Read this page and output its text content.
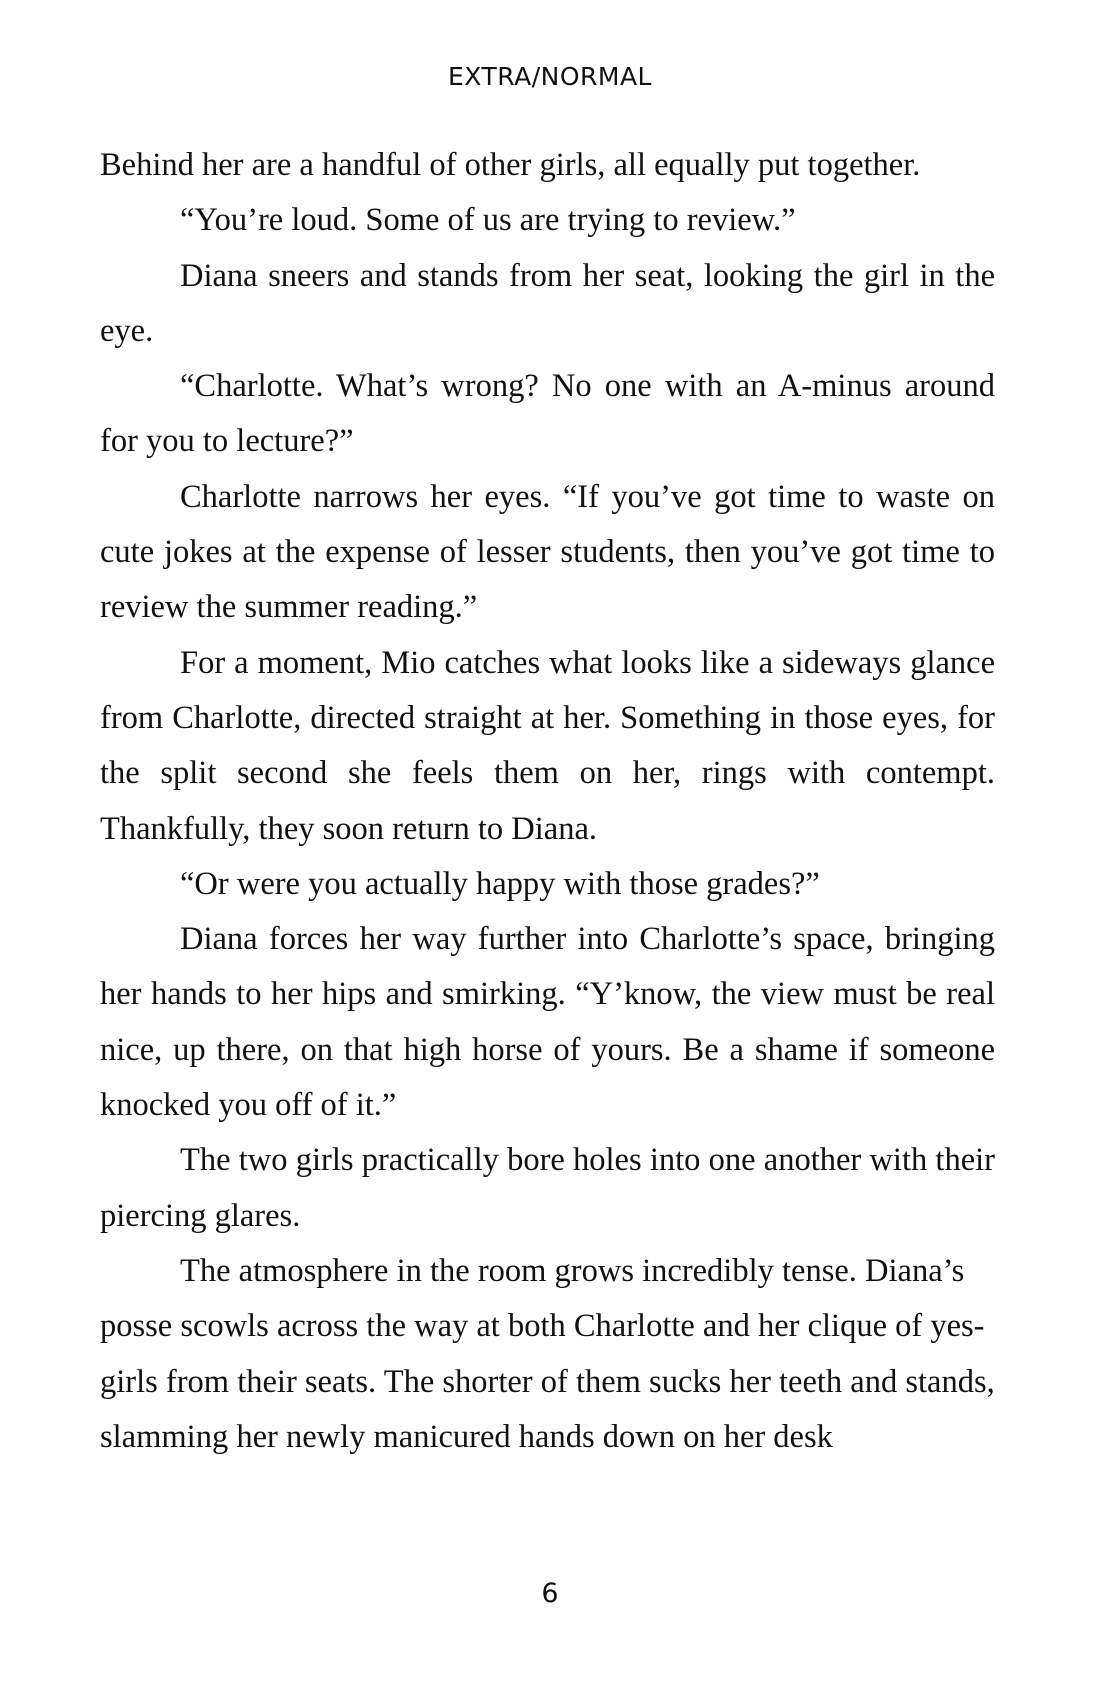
EXTRA/NORMAL

Behind her are a handful of other girls, all equally put together.

“You’re loud. Some of us are trying to review.”

Diana sneers and stands from her seat, looking the girl in the eye.

“Charlotte. What’s wrong? No one with an A-minus around for you to lecture?”

Charlotte narrows her eyes. “If you’ve got time to waste on cute jokes at the expense of lesser students, then you’ve got time to review the summer reading.”

For a moment, Mio catches what looks like a sideways glance from Charlotte, directed straight at her. Something in those eyes, for the split second she feels them on her, rings with contempt. Thankfully, they soon return to Diana.

“Or were you actually happy with those grades?”

Diana forces her way further into Charlotte’s space, bringing her hands to her hips and smirking. “Y’know, the view must be real nice, up there, on that high horse of yours. Be a shame if someone knocked you off of it.”

The two girls practically bore holes into one another with their piercing glares.

The atmosphere in the room grows incredibly tense. Diana’s posse scowls across the way at both Charlotte and her clique of yes-girls from their seats. The shorter of them sucks her teeth and stands, slamming her newly manicured hands down on her desk

6
